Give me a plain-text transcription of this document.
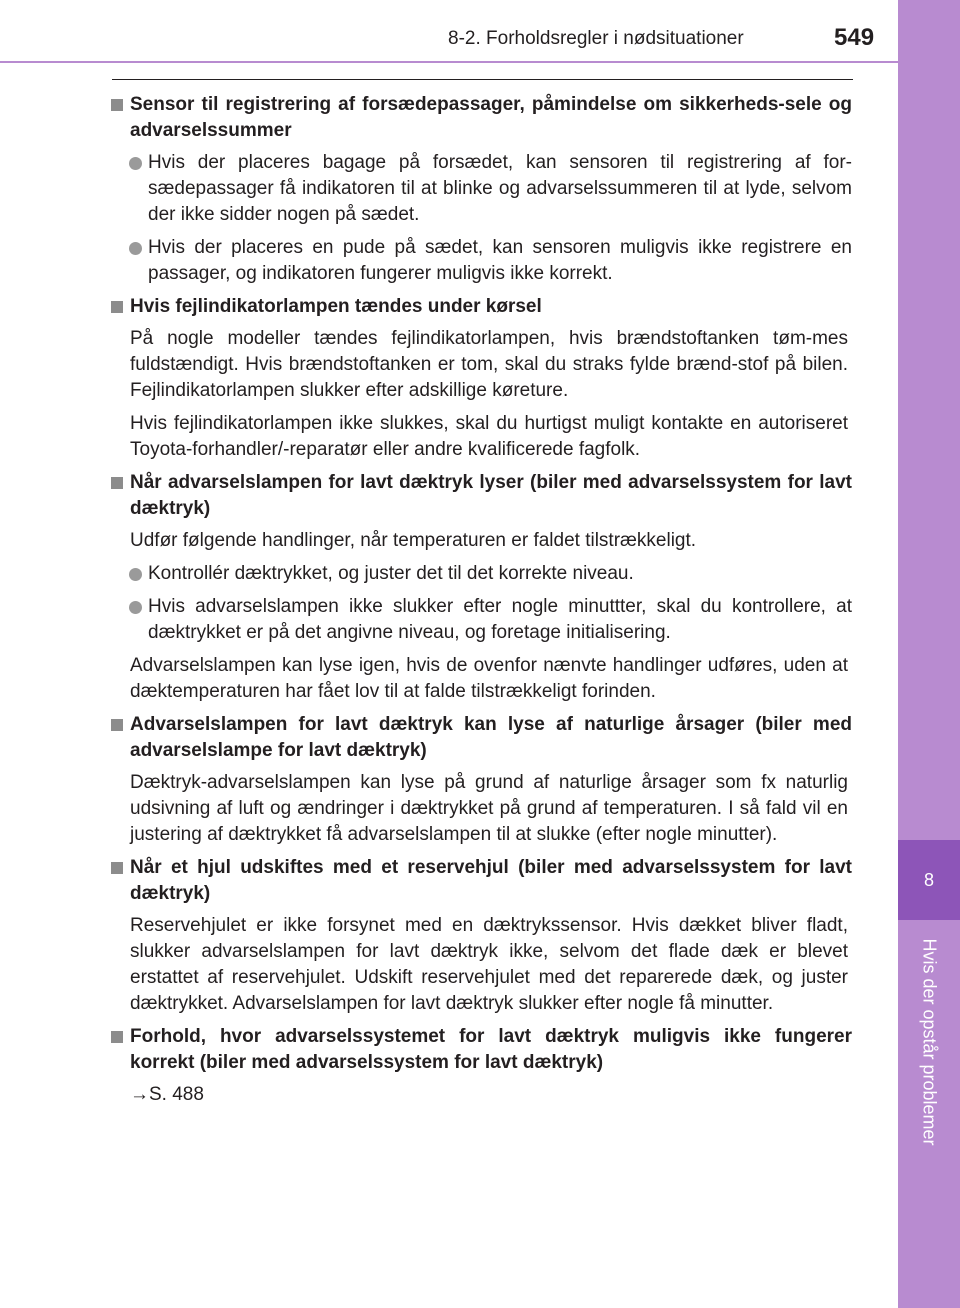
8-2. Forholdsregler i nødsituationer	549
8
Hvis der opstår problemer
Sensor til registrering af forsædepassager, påmindelse om sikkerheds-sele og advarselssummer
Hvis der placeres bagage på forsædet, kan sensoren til registrering af for-sædepassager få indikatoren til at blinke og advarselssummeren til at lyde, selvom der ikke sidder nogen på sædet.
Hvis der placeres en pude på sædet, kan sensoren muligvis ikke registrere en passager, og indikatoren fungerer muligvis ikke korrekt.
Hvis fejlindikatorlampen tændes under kørsel
På nogle modeller tændes fejlindikatorlampen, hvis brændstoftanken tøm-mes fuldstændigt. Hvis brændstoftanken er tom, skal du straks fylde brænd-stof på bilen. Fejlindikatorlampen slukker efter adskillige køreture.
Hvis fejlindikatorlampen ikke slukkes, skal du hurtigst muligt kontakte en autoriseret Toyota-forhandler/-reparatør eller andre kvalificerede fagfolk.
Når advarselslampen for lavt dæktryk lyser (biler med advarselssystem for lavt dæktryk)
Udfør følgende handlinger, når temperaturen er faldet tilstrækkeligt.
Kontrollér dæktrykket, og juster det til det korrekte niveau.
Hvis advarselslampen ikke slukker efter nogle minuttter, skal du kontrollere, at dæktrykket er på det angivne niveau, og foretage initialisering.
Advarselslampen kan lyse igen, hvis de ovenfor nænvte handlinger udføres, uden at dæktemperaturen har fået lov til at falde tilstrækkeligt forinden.
Advarselslampen for lavt dæktryk kan lyse af naturlige årsager (biler med advarselslampe for lavt dæktryk)
Dæktryk-advarselslampen kan lyse på grund af naturlige årsager som fx naturlig udsivning af luft og ændringer i dæktrykket på grund af temperaturen. I så fald vil en justering af dæktrykket få advarselslampen til at slukke (efter nogle minutter).
Når et hjul udskiftes med et reservehjul (biler med advarselssystem for lavt dæktryk)
Reservehjulet er ikke forsynet med en dæktrykssensor. Hvis dækket bliver fladt, slukker advarselslampen for lavt dæktryk ikke, selvom det flade dæk er blevet erstattet af reservehjulet. Udskift reservehjulet med det reparerede dæk, og juster dæktrykket. Advarselslampen for lavt dæktryk slukker efter nogle få minutter.
Forhold, hvor advarselssystemet for lavt dæktryk muligvis ikke fungerer korrekt (biler med advarselssystem for lavt dæktryk)
→S. 488
